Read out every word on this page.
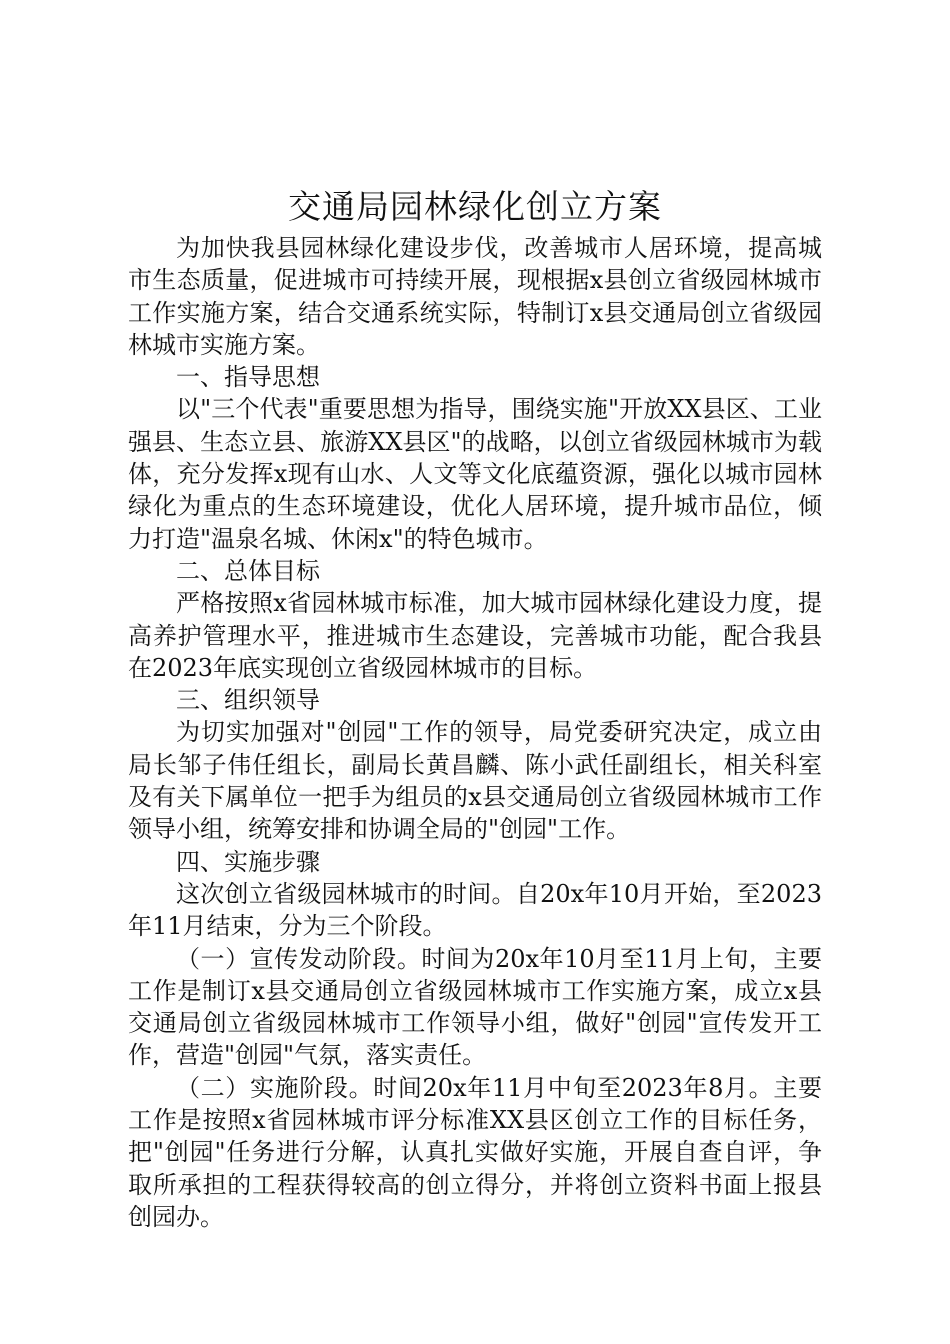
交通局园林绿化创立方案

为加快我县园林绿化建设步伐，改善城市人居环境，提高城市生态质量，促进城市可持续开展，现根据x县创立省级园林城市工作实施方案，结合交通系统实际，特制订x县交通局创立省级园林城市实施方案。

一、指导思想

以"三个代表"重要思想为指导，围绕实施"开放XX县区、工业强县、生态立县、旅游XX县区"的战略，以创立省级园林城市为载体，充分发挥x现有山水、人文等文化底蕴资源，强化以城市园林绿化为重点的生态环境建设，优化人居环境，提升城市品位，倾力打造"温泉名城、休闲x"的特色城市。

二、总体目标

严格按照x省园林城市标准，加大城市园林绿化建设力度，提高养护管理水平，推进城市生态建设，完善城市功能，配合我县在2023年底实现创立省级园林城市的目标。

三、组织领导

为切实加强对"创园"工作的领导，局党委研究决定，成立由局长邹子伟任组长，副局长黄昌麟、陈小武任副组长，相关科室及有关下属单位一把手为组员的x县交通局创立省级园林城市工作领导小组，统筹安排和协调全局的"创园"工作。

四、实施步骤

这次创立省级园林城市的时间。自20x年10月开始，至2023年11月结束，分为三个阶段。

（一）宣传发动阶段。时间为20x年10月至11月上旬，主要工作是制订x县交通局创立省级园林城市工作实施方案，成立x县交通局创立省级园林城市工作领导小组，做好"创园"宣传发开工作，营造"创园"气氛，落实责任。

（二）实施阶段。时间20x年11月中旬至2023年8月。主要工作是按照x省园林城市评分标准XX县区创立工作的目标任务，把"创园"任务进行分解，认真扎实做好实施，开展自查自评，争取所承担的工程获得较高的创立得分，并将创立资料书面上报县创园办。
